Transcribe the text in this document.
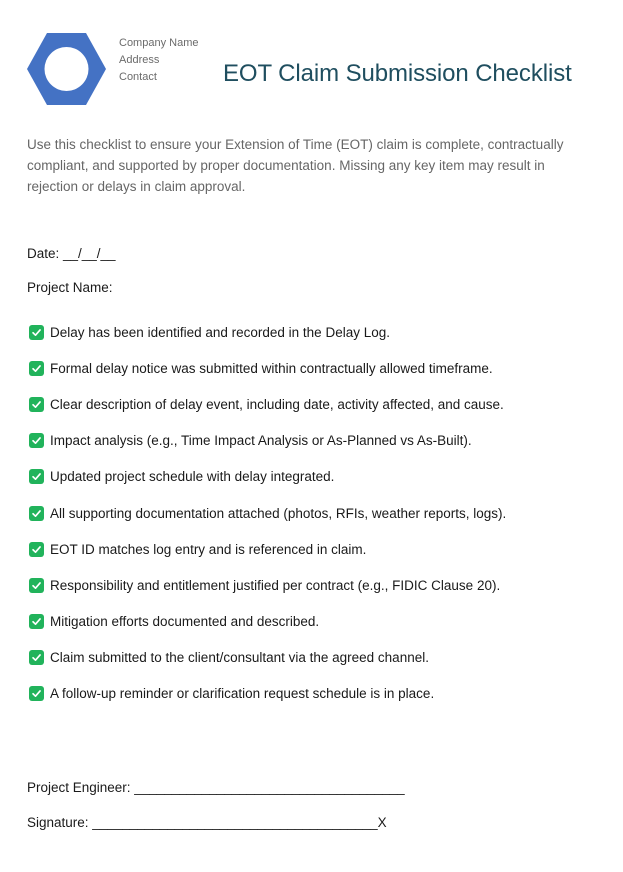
Company Name
Address
Contact	EOT Claim Submission Checklist
Use this checklist to ensure your Extension of Time (EOT) claim is complete, contractually compliant, and supported by proper documentation. Missing any key item may result in rejection or delays in claim approval.
Date: __/__/__
Project Name:
Delay has been identified and recorded in the Delay Log.
Formal delay notice was submitted within contractually allowed timeframe.
Clear description of delay event, including date, activity affected, and cause.
Impact analysis (e.g., Time Impact Analysis or As-Planned vs As-Built).
Updated project schedule with delay integrated.
All supporting documentation attached (photos, RFIs, weather reports, logs).
EOT ID matches log entry and is referenced in claim.
Responsibility and entitlement justified per contract (e.g., FIDIC Clause 20).
Mitigation efforts documented and described.
Claim submitted to the client/consultant via the agreed channel.
A follow-up reminder or clarification request schedule is in place.
Project Engineer: ____________________________________
Signature: ______________________________________X
